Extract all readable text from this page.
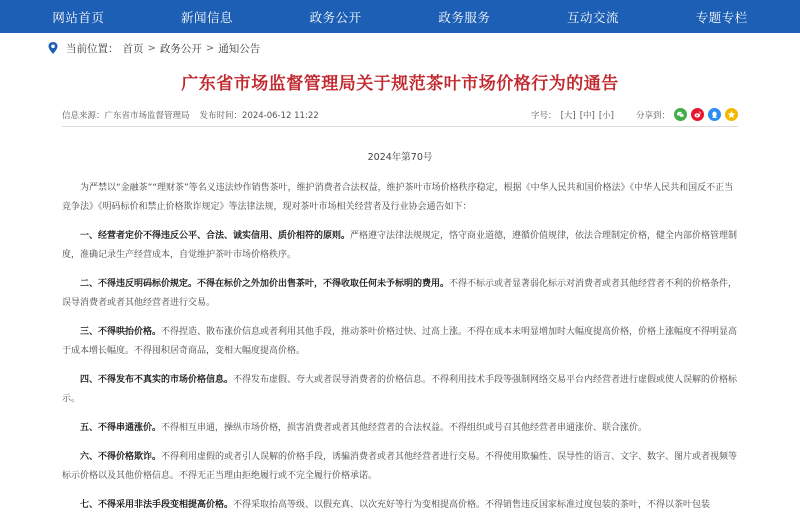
网站首页	新闻信息	政务公开	政务服务	互动交流	专题专栏
当前位置： 首页 > 政务公开 > 通知公告
广东省市场监督管理局关于规范茶叶市场价格行为的通告
信息来源：广东省市场监督管理局 发布时间：2024-06-12 11:22	字号： [大] [中] [小]	分享到：
2024年第70号

为严禁以“金融茶”“理财茶”等名义违法炒作销售茶叶，维护消费者合法权益，维护茶叶市场价格秩序稳定，根据《中华人民共和国价格法》《中华人民共和国反不正当竞争法》《明码标价和禁止价格欺诈规定》等法律法规，现对茶叶市场相关经营者及行业协会通告如下：

一、经营者定价不得违反公平、合法、诚实信用、质价相符的原则。严格遵守法律法规规定，恪守商业道德，遵循价值规律，依法合理制定价格，健全内部价格管理制度，准确记录生产经营成本，自觉维护茶叶市场价格秩序。

二、不得违反明码标价规定。不得在标价之外加价出售茶叶，不得收取任何未予标明的费用。不得不标示或者显著弱化标示对消费者或者其他经营者不利的价格条件，误导消费者或者其他经营者进行交易。

三、不得哄抬价格。不得捏造、散布涨价信息或者利用其他手段，推动茶叶价格过快、过高上涨。不得在成本未明显增加时大幅度提高价格，价格上涨幅度不得明显高于成本增长幅度。不得囤积居奇商品，变相大幅度提高价格。

四、不得发布不真实的市场价格信息。不得发布虚假、夸大或者误导消费者的价格信息。不得利用技术手段等强制网络交易平台内经营者进行虚假或使人误解的价格标示。

五、不得串通涨价。不得相互串通，操纵市场价格，损害消费者或者其他经营者的合法权益。不得组织或号召其他经营者串通涨价、联合涨价。

六、不得价格欺诈。不得利用虚假的或者引人误解的价格手段，诱骗消费者或者其他经营者进行交易。不得使用欺骗性、误导性的语言、文字、数字、图片或者视频等标示价格以及其他价格信息。不得无正当理由拒绝履行或不完全履行价格承诺。

七、不得采用非法手段变相提高价格。不得采取抬高等级、以假充真、以次充好等行为变相提高价格。不得销售违反国家标准过度包装的茶叶，不得以茶叶包装
